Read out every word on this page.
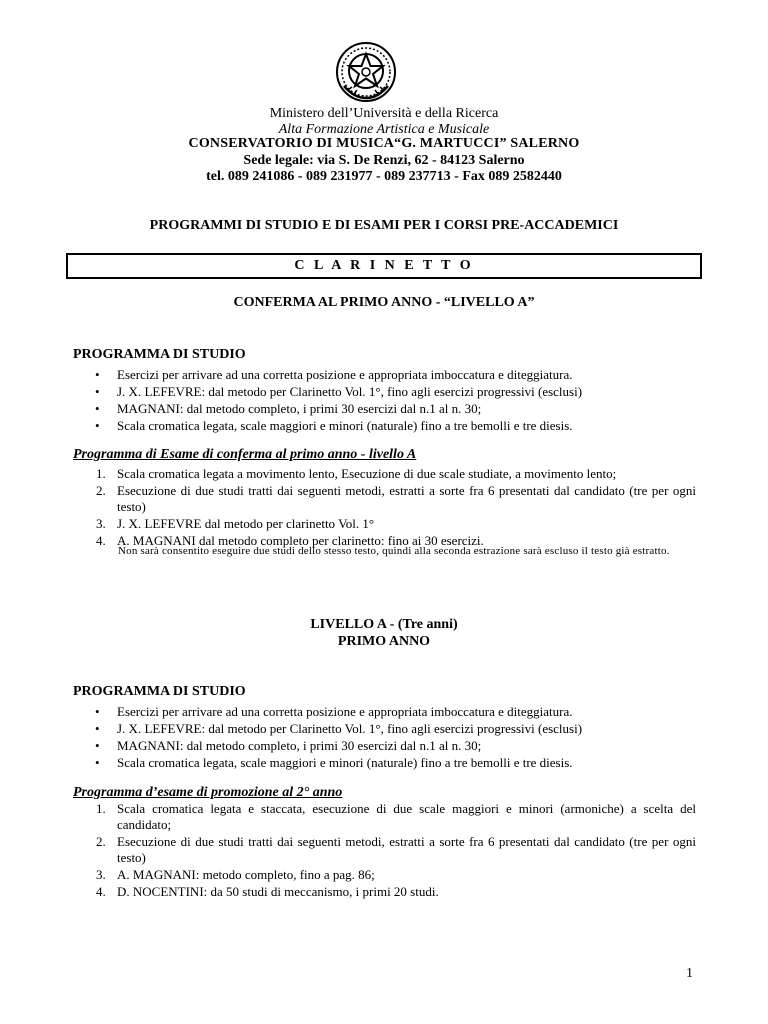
Ministero dell’Università e della Ricerca
Alta Formazione Artistica e Musicale
CONSERVATORIO DI MUSICA“G. MARTUCCI” SALERNO
Sede legale: via S. De Renzi, 62 - 84123 Salerno
tel. 089 241086 - 089 231977 - 089 237713 - Fax 089 2582440
PROGRAMMI DI STUDIO E DI ESAMI PER I CORSI PRE-ACCADEMICI
C L A R I N E T T O
CONFERMA AL PRIMO ANNO - “LIVELLO A”
PROGRAMMA DI STUDIO
• Esercizi per arrivare ad una corretta posizione e appropriata imboccatura e diteggiatura.
• J. X. LEFEVRE: dal metodo per Clarinetto Vol. 1°, fino agli esercizi progressivi (esclusi)
• MAGNANI: dal metodo completo, i primi 30 esercizi dal n.1 al n. 30;
• Scala cromatica legata, scale maggiori e minori (naturale) fino a tre bemolli e tre diesis.
Programma di Esame di conferma al primo anno - livello A
1. Scala cromatica legata a movimento lento, Esecuzione di due scale studiate, a movimento lento;
2. Esecuzione di due studi tratti dai seguenti metodi, estratti a sorte fra 6 presentati dal candidato (tre per ogni testo)
3. J. X. LEFEVRE dal metodo per clarinetto Vol. 1°
4. A. MAGNANI dal metodo completo per clarinetto: fino ai 30 esercizi.
Non sarà consentito eseguire due studi dello stesso testo, quindi alla seconda estrazione sarà escluso il testo già estratto.
LIVELLO A - (Tre anni)
PRIMO ANNO
PROGRAMMA DI STUDIO
• Esercizi per arrivare ad una corretta posizione e appropriata imboccatura e diteggiatura.
• J. X. LEFEVRE: dal metodo per Clarinetto Vol. 1°, fino agli esercizi progressivi (esclusi)
• MAGNANI: dal metodo completo, i primi 30 esercizi dal n.1 al n. 30;
• Scala cromatica legata, scale maggiori e minori (naturale) fino a tre bemolli e tre diesis.
Programma d’esame di promozione al 2° anno
1. Scala cromatica legata e staccata, esecuzione di due scale maggiori e minori (armoniche) a scelta del candidato;
2. Esecuzione di due studi tratti dai seguenti metodi, estratti a sorte fra 6 presentati dal candidato (tre per ogni testo)
3. A. MAGNANI: metodo completo, fino a pag. 86;
4. D. NOCENTINI: da 50 studi di meccanismo, i primi 20 studi.
1
